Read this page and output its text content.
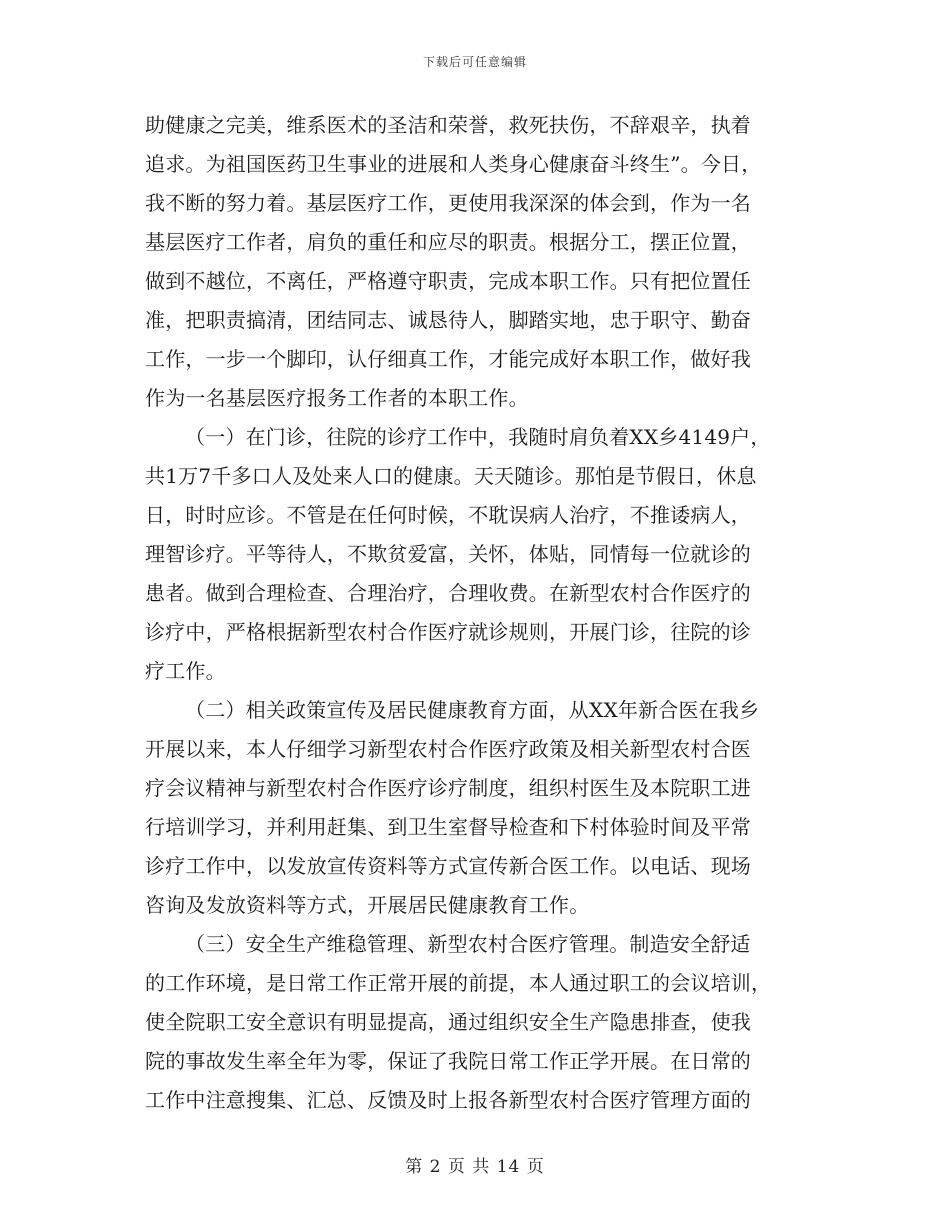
下载后可任意编辑
助健康之完美，维系医术的圣洁和荣誉，救死扶伤，不辞艰辛，执着
追求。为祖国医药卫生事业的进展和人类身心健康奋斗终生”。今日，
我不断的努力着。基层医疗工作，更使用我深深的体会到，作为一名
基层医疗工作者，肩负的重任和应尽的职责。根据分工，摆正位置，
做到不越位，不离任，严格遵守职责，完成本职工作。只有把位置任
准，把职责搞清，团结同志、诚恳待人，脚踏实地，忠于职守、勤奋
工作，一步一个脚印，认仔细真工作，才能完成好本职工作，做好我
作为一名基层医疗报务工作者的本职工作。
（一）在门诊，往院的诊疗工作中，我随时肩负着XX乡4149户，
共1万7千多口人及处来人口的健康。天天随诊。那怕是节假日，休息
日，时时应诊。不管是在任何时候，不耽误病人治疗，不推诿病人，
理智诊疗。平等待人，不欺贫爱富，关怀，体贴，同情每一位就诊的
患者。做到合理检查、合理治疗，合理收费。在新型农村合作医疗的
诊疗中，严格根据新型农村合作医疗就诊规则，开展门诊，往院的诊
疗工作。
（二）相关政策宣传及居民健康教育方面，从XX年新合医在我乡
开展以来，本人仔细学习新型农村合作医疗政策及相关新型农村合医
疗会议精神与新型农村合作医疗诊疗制度，组织村医生及本院职工进
行培训学习，并利用赶集、到卫生室督导检查和下村体验时间及平常
诊疗工作中，以发放宣传资料等方式宣传新合医工作。以电话、现场
咨询及发放资料等方式，开展居民健康教育工作。
（三）安全生产维稳管理、新型农村合医疗管理。制造安全舒适
的工作环境，是日常工作正常开展的前提，本人通过职工的会议培训，
使全院职工安全意识有明显提高，通过组织安全生产隐患排查，使我
院的事故发生率全年为零，保证了我院日常工作正学开展。在日常的
工作中注意搜集、汇总、反馈及时上报各新型农村合医疗管理方面的
第 2 页 共 14 页
